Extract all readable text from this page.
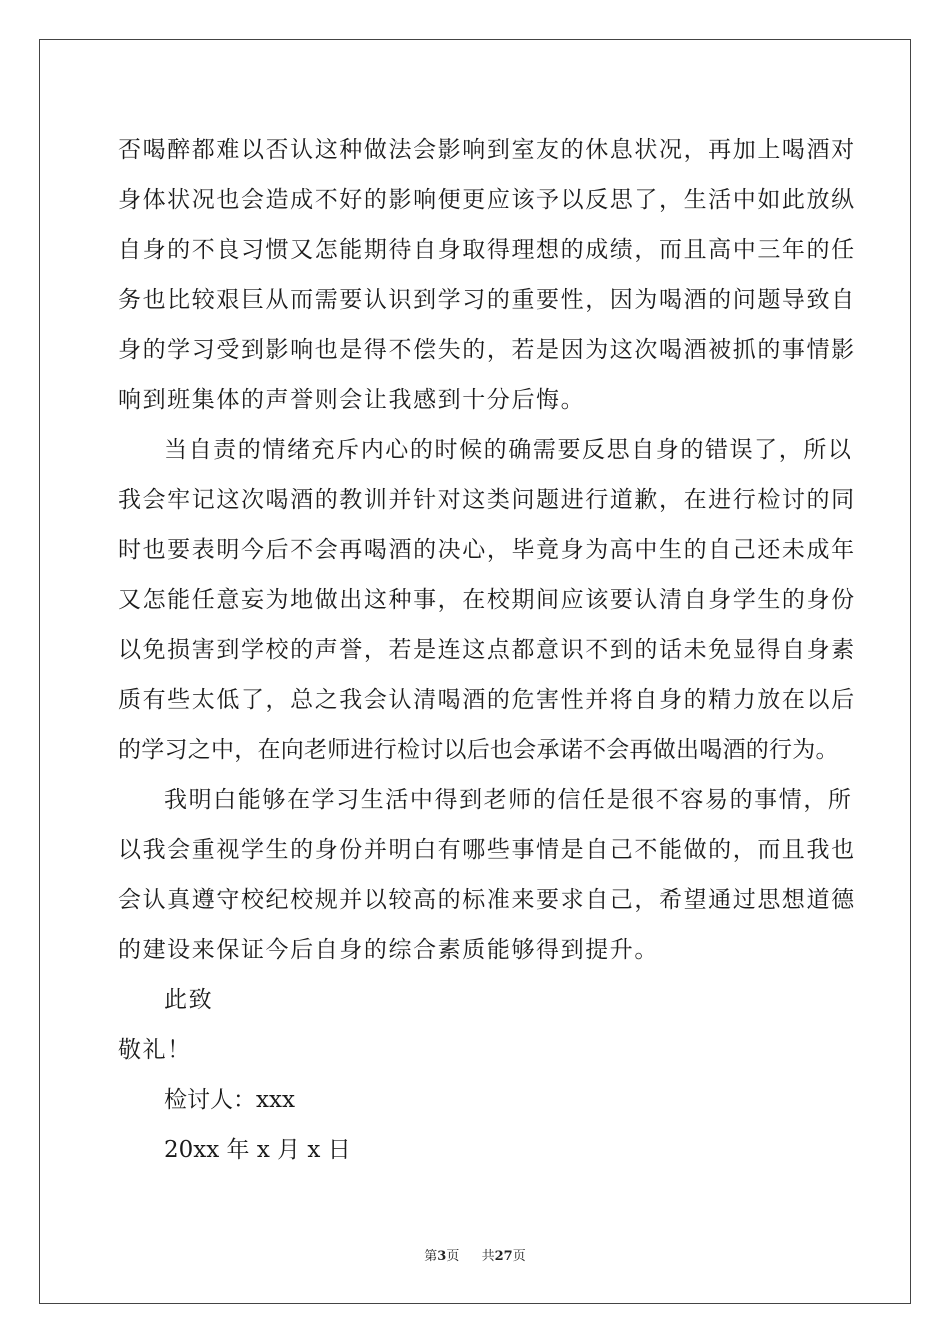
否喝醉都难以否认这种做法会影响到室友的休息状况，再加上喝酒对
身体状况也会造成不好的影响便更应该予以反思了，生活中如此放纵
自身的不良习惯又怎能期待自身取得理想的成绩，而且高中三年的任
务也比较艰巨从而需要认识到学习的重要性，因为喝酒的问题导致自
身的学习受到影响也是得不偿失的，若是因为这次喝酒被抓的事情影
响到班集体的声誉则会让我感到十分后悔。
当自责的情绪充斥内心的时候的确需要反思自身的错误了，所以
我会牢记这次喝酒的教训并针对这类问题进行道歉，在进行检讨的同
时也要表明今后不会再喝酒的决心，毕竟身为高中生的自己还未成年
又怎能任意妄为地做出这种事，在校期间应该要认清自身学生的身份
以免损害到学校的声誉，若是连这点都意识不到的话未免显得自身素
质有些太低了，总之我会认清喝酒的危害性并将自身的精力放在以后
的学习之中，在向老师进行检讨以后也会承诺不会再做出喝酒的行为。
我明白能够在学习生活中得到老师的信任是很不容易的事情，所
以我会重视学生的身份并明白有哪些事情是自己不能做的，而且我也
会认真遵守校纪校规并以较高的标准来要求自己，希望通过思想道德
的建设来保证今后自身的综合素质能够得到提升。
此致
敬礼！
检讨人：xxx
20xx 年 x 月 x 日
第3页 共27页
